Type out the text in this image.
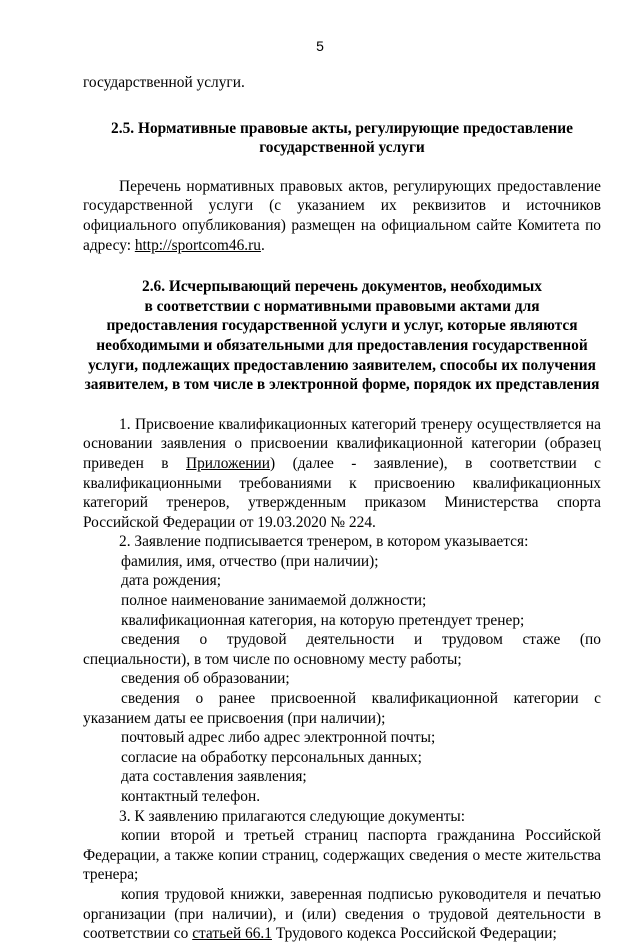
5

государственной услуги.

2.5. Нормативные правовые акты, регулирующие предоставление

государственной услуги

Перечень нормативных правовых актов, регулирующих предоставление государственной услуги (с указанием их реквизитов и источников официального опубликования) размещен на официальном сайте Комитета по адресу: http://sportcom46.ru.

2.6. Исчерпывающий перечень документов, необходимых

в соответствии с нормативными правовыми актами для

предоставления государственной услуги и услуг, которые являются

необходимыми и обязательными для предоставления государственной

услуги, подлежащих предоставлению заявителем, способы их получения

заявителем, в том числе в электронной форме, порядок их представления

1. Присвоение квалификационных категорий тренеру осуществляется на основании заявления о присвоении квалификационной категории (образец приведен в Приложении) (далее - заявление), в соответствии с квалификационными требованиями к присвоению квалификационных категорий тренеров, утвержденным приказом Министерства спорта Российской Федерации от 19.03.2020 № 224.

2. Заявление подписывается тренером, в котором указывается:

фамилия, имя, отчество (при наличии);

дата рождения;

полное наименование занимаемой должности;

квалификационная категория, на которую претендует тренер;

сведения о трудовой деятельности и трудовом стаже (по специальности), в том числе по основному месту работы;

сведения об образовании;

сведения о ранее присвоенной квалификационной категории с указанием даты ее присвоения (при наличии);

почтовый адрес либо адрес электронной почты;

согласие на обработку персональных данных;

дата составления заявления;

контактный телефон.

3. К заявлению прилагаются следующие документы:

копии второй и третьей страниц паспорта гражданина Российской Федерации, а также копии страниц, содержащих сведения о месте жительства тренера;

копия трудовой книжки, заверенная подписью руководителя и печатью организации (при наличии), и (или) сведения о трудовой деятельности в соответствии со статьей 66.1 Трудового кодекса Российской Федерации;
